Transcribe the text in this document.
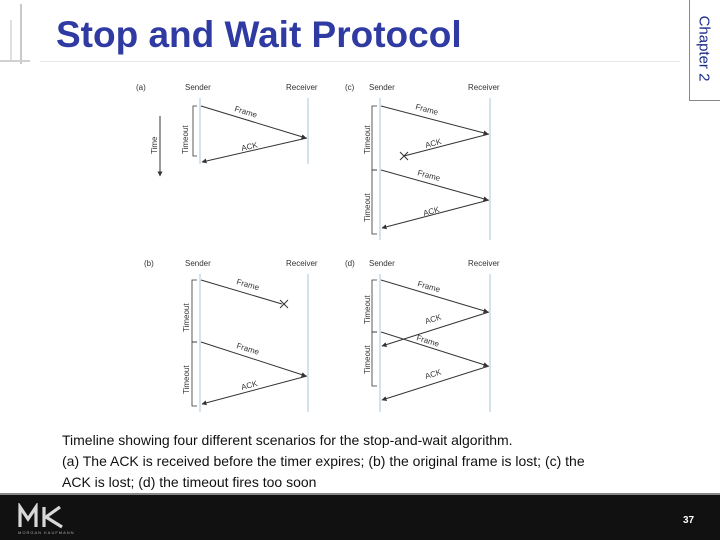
Stop and Wait Protocol	Chapter 2
(a)	Sender	Receiver
Time	Timeout
Frame
ACK
(c) Sender	Receiver
Timeout
Timeout
Frame
ACK
Frame
ACK
(b)	Sender	Receiver
Timeout
Timeout
Frame
Frame
ACK
(d) Sender	Receiver
Timeout
Timeout
Frame
ACK
Frame
ACK
Timeline showing four different scenarios for the stop-and-wait algorithm.
(a) The ACK is received before the timer expires; (b) the original frame is lost; (c) the
ACK is lost; (d) the timeout fires too soon
MORGAN KAUFMANN
37
